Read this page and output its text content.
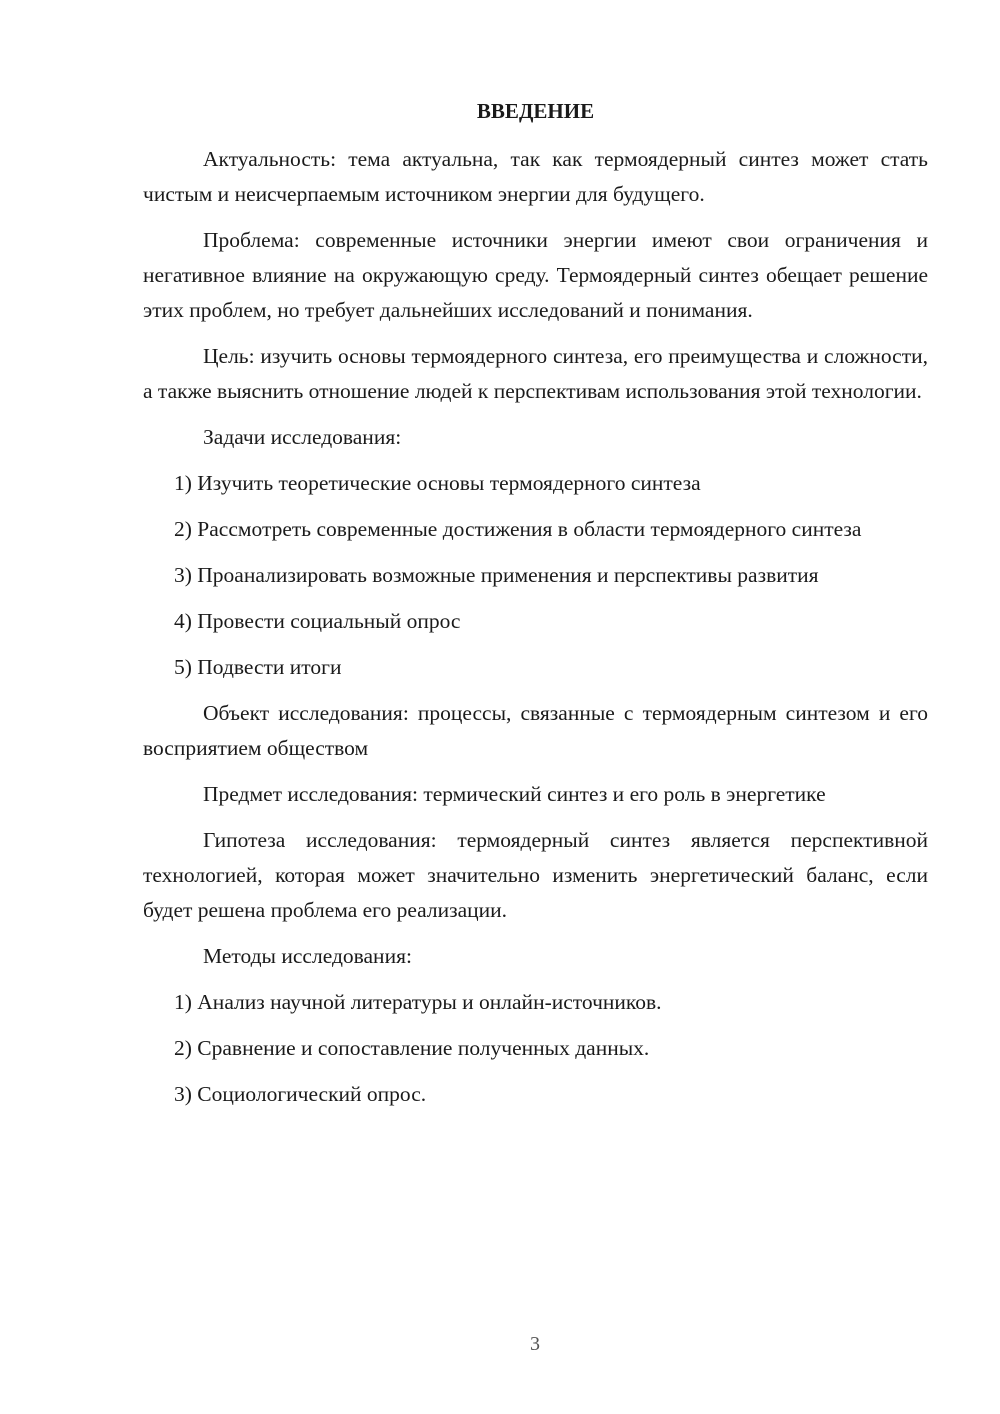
ВВЕДЕНИЕ

Актуальность: тема актуальна, так как термоядерный синтез может стать чистым и неисчерпаемым источником энергии для будущего.

Проблема: современные источники энергии имеют свои ограничения и негативное влияние на окружающую среду. Термоядерный синтез обещает решение этих проблем, но требует дальнейших исследований и понимания.

Цель: изучить основы термоядерного синтеза, его преимущества и сложности, а также выяснить отношение людей к перспективам использования этой технологии.

Задачи исследования:

1) Изучить теоретические основы термоядерного синтеза

2) Рассмотреть современные достижения в области термоядерного синтеза

3) Проанализировать возможные применения и перспективы развития

4) Провести социальный опрос

5) Подвести итоги

Объект исследования: процессы, связанные с термоядерным синтезом и его восприятием обществом

Предмет исследования: термический синтез и его роль в энергетике

Гипотеза исследования: термоядерный синтез является перспективной технологией, которая может значительно изменить энергетический баланс, если будет решена проблема его реализации.

Методы исследования:

1) Анализ научной литературы и онлайн-источников.

2) Сравнение и сопоставление полученных данных.

3) Социологический опрос.

3
